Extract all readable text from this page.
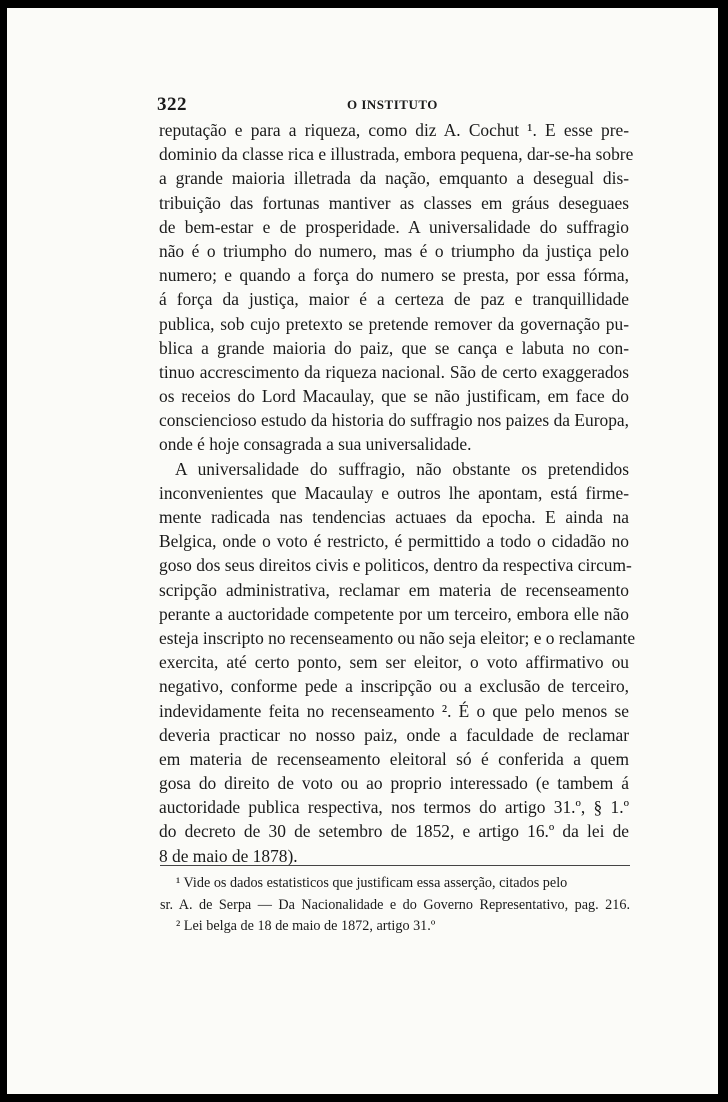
322	O INSTITUTO
reputação e para a riqueza, como diz A. Cochut ¹. E esse pre-
dominio da classe rica e illustrada, embora pequena, dar-se-ha sobre
a grande maioria illetrada da nação, emquanto a desegual dis-
tribuição das fortunas mantiver as classes em gráus deseguaes
de bem-estar e de prosperidade. A universalidade do suffragio
não é o triumpho do numero, mas é o triumpho da justiça pelo
numero; e quando a força do numero se presta, por essa fórma,
á força da justiça, maior é a certeza de paz e tranquillidade
publica, sob cujo pretexto se pretende remover da governação pu-
blica a grande maioria do paiz, que se cança e labuta no con-
tinuo accrescimento da riqueza nacional. São de certo exaggerados
os receios do Lord Macaulay, que se não justificam, em face do
consciencioso estudo da historia do suffragio nos paizes da Europa,
onde é hoje consagrada a sua universalidade.
A universalidade do suffragio, não obstante os pretendidos
inconvenientes que Macaulay e outros lhe apontam, está firme-
mente radicada nas tendencias actuaes da epocha. E ainda na
Belgica, onde o voto é restricto, é permittido a todo o cidadão no
goso dos seus direitos civis e politicos, dentro da respectiva circum-
scripção administrativa, reclamar em materia de recenseamento
perante a auctoridade competente por um terceiro, embora elle não
esteja inscripto no recenseamento ou não seja eleitor; e o reclamante
exercita, até certo ponto, sem ser eleitor, o voto affirmativo ou
negativo, conforme pede a inscripção ou a exclusão de terceiro,
indevidamente feita no recenseamento ². É o que pelo menos se
deveria practicar no nosso paiz, onde a faculdade de reclamar
em materia de recenseamento eleitoral só é conferida a quem
gosa do direito de voto ou ao proprio interessado (e tambem á
auctoridade publica respectiva, nos termos do artigo 31.º, § 1.º
do decreto de 30 de setembro de 1852, e artigo 16.º da lei de
8 de maio de 1878).
¹ Vide os dados estatisticos que justificam essa asserção, citados pelo
sr. A. de Serpa — Da Nacionalidade e do Governo Representativo, pag. 216.
² Lei belga de 18 de maio de 1872, artigo 31.º
